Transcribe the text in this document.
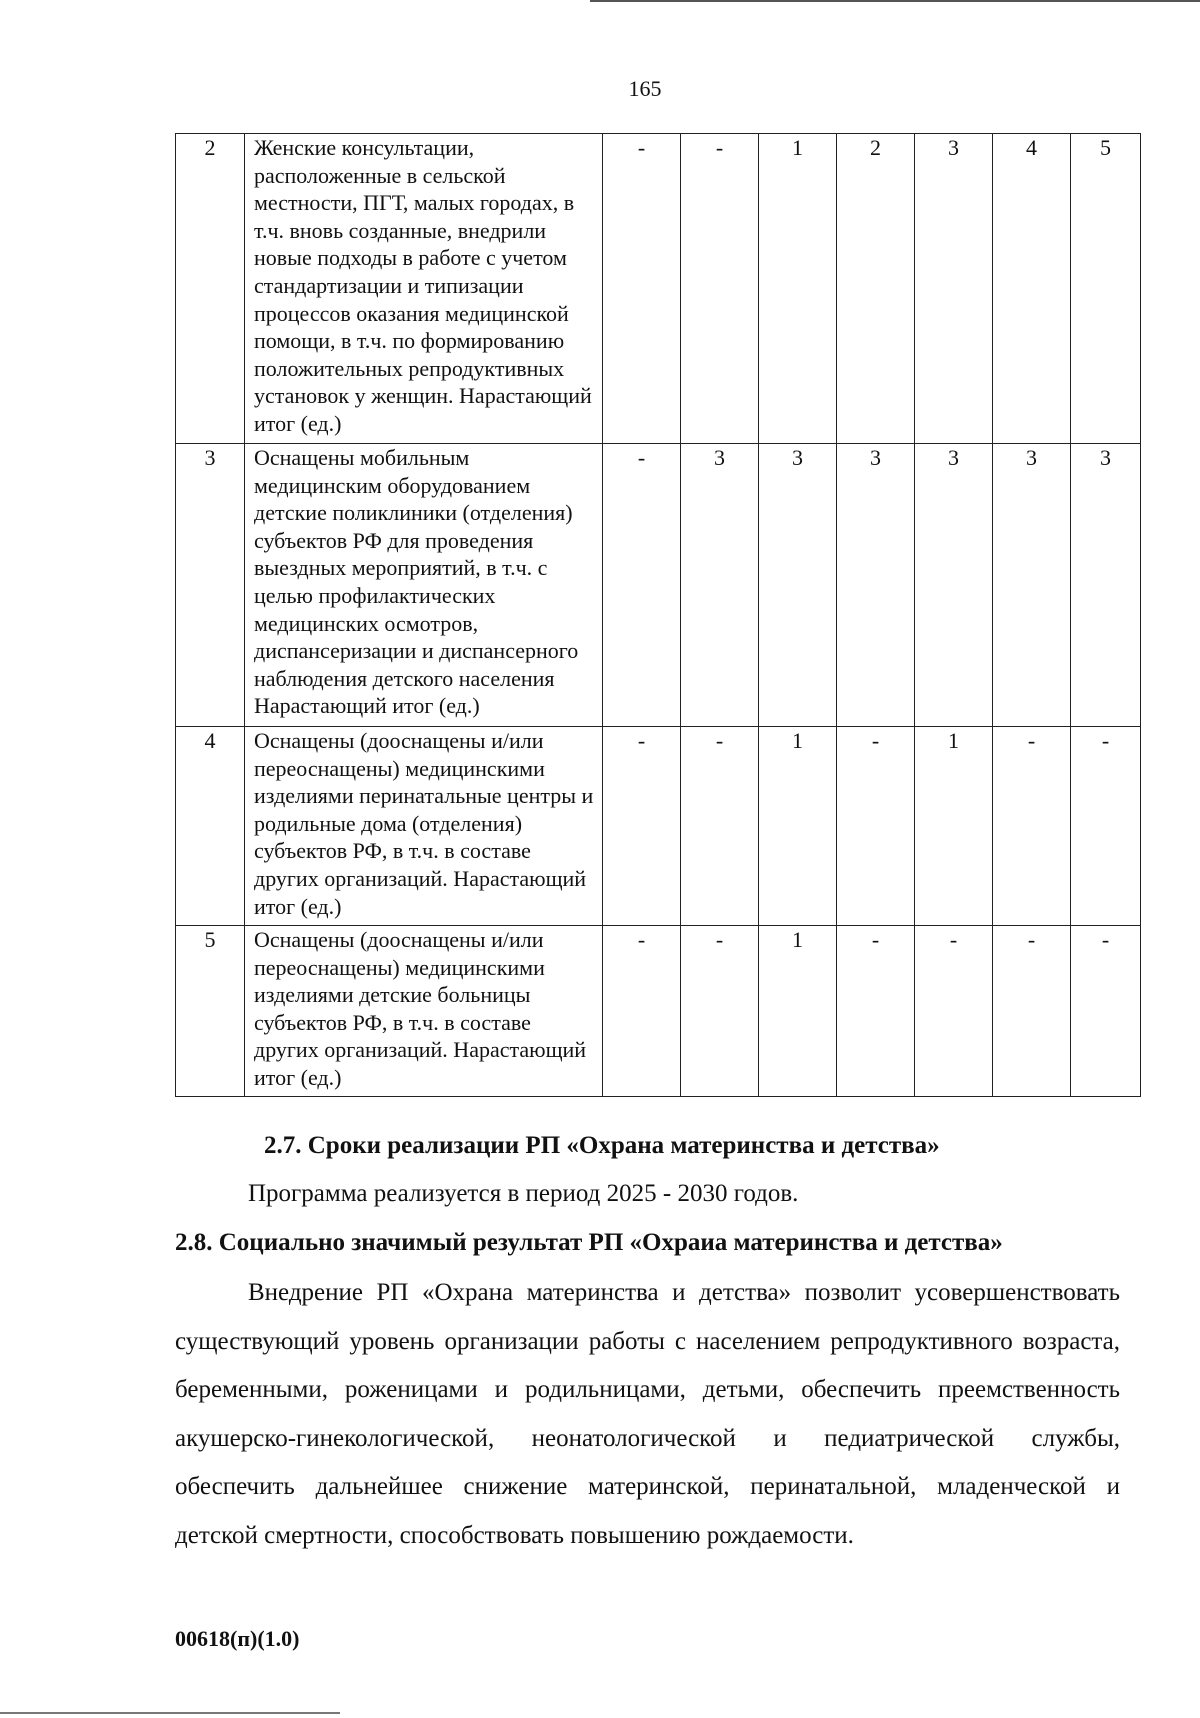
165
2	Женские консультации, расположенные в сельской местности, ПГТ, малых городах, в т.ч. вновь созданные, внедрили новые подходы в работе с учетом стандартизации и типизации процессов оказания медицинской помощи, в т.ч. по формированию положительных репродуктивных установок у женщин. Нарастающий итог (ед.)	-	-	1	2	3	4	5
3	Оснащены мобильным медицинским оборудованием детские поликлиники (отделения) субъектов РФ для проведения выездных мероприятий, в т.ч. с целью профилактических медицинских осмотров, диспансеризации и диспансерного наблюдения детского населения Нарастающий итог (ед.)	-	3	3	3	3	3	3
4	Оснащены (дооснащены и/или переоснащены) медицинскими изделиями перинатальные центры и родильные дома (отделения) субъектов РФ, в т.ч. в составе других организаций. Нарастающий итог (ед.)	-	-	1	-	1	-	-
5	Оснащены (дооснащены и/или переоснащены) медицинскими изделиями детские больницы субъектов РФ, в т.ч. в составе других организаций. Нарастающий итог (ед.)	-	-	1	-	-	-	-
2.7. Сроки реализации РП «Охрана материнства и детства»
Программа реализуется в период 2025 - 2030 годов.
2.8. Социально значимый результат РП «Охраиа материнства и детства»
Внедрение РП «Охрана материнства и детства» позволит усовершенствовать существующий уровень организации работы с населением репродуктивного возраста, беременными, роженицами и родильницами, детьми, обеспечить преемственность акушерско-гинекологической, неонатологической и педиатрической службы, обеспечить дальнейшее снижение материнской, перинатальной, младенческой и детской смертности, способствовать повышению рождаемости.
00618(п)(1.0)
